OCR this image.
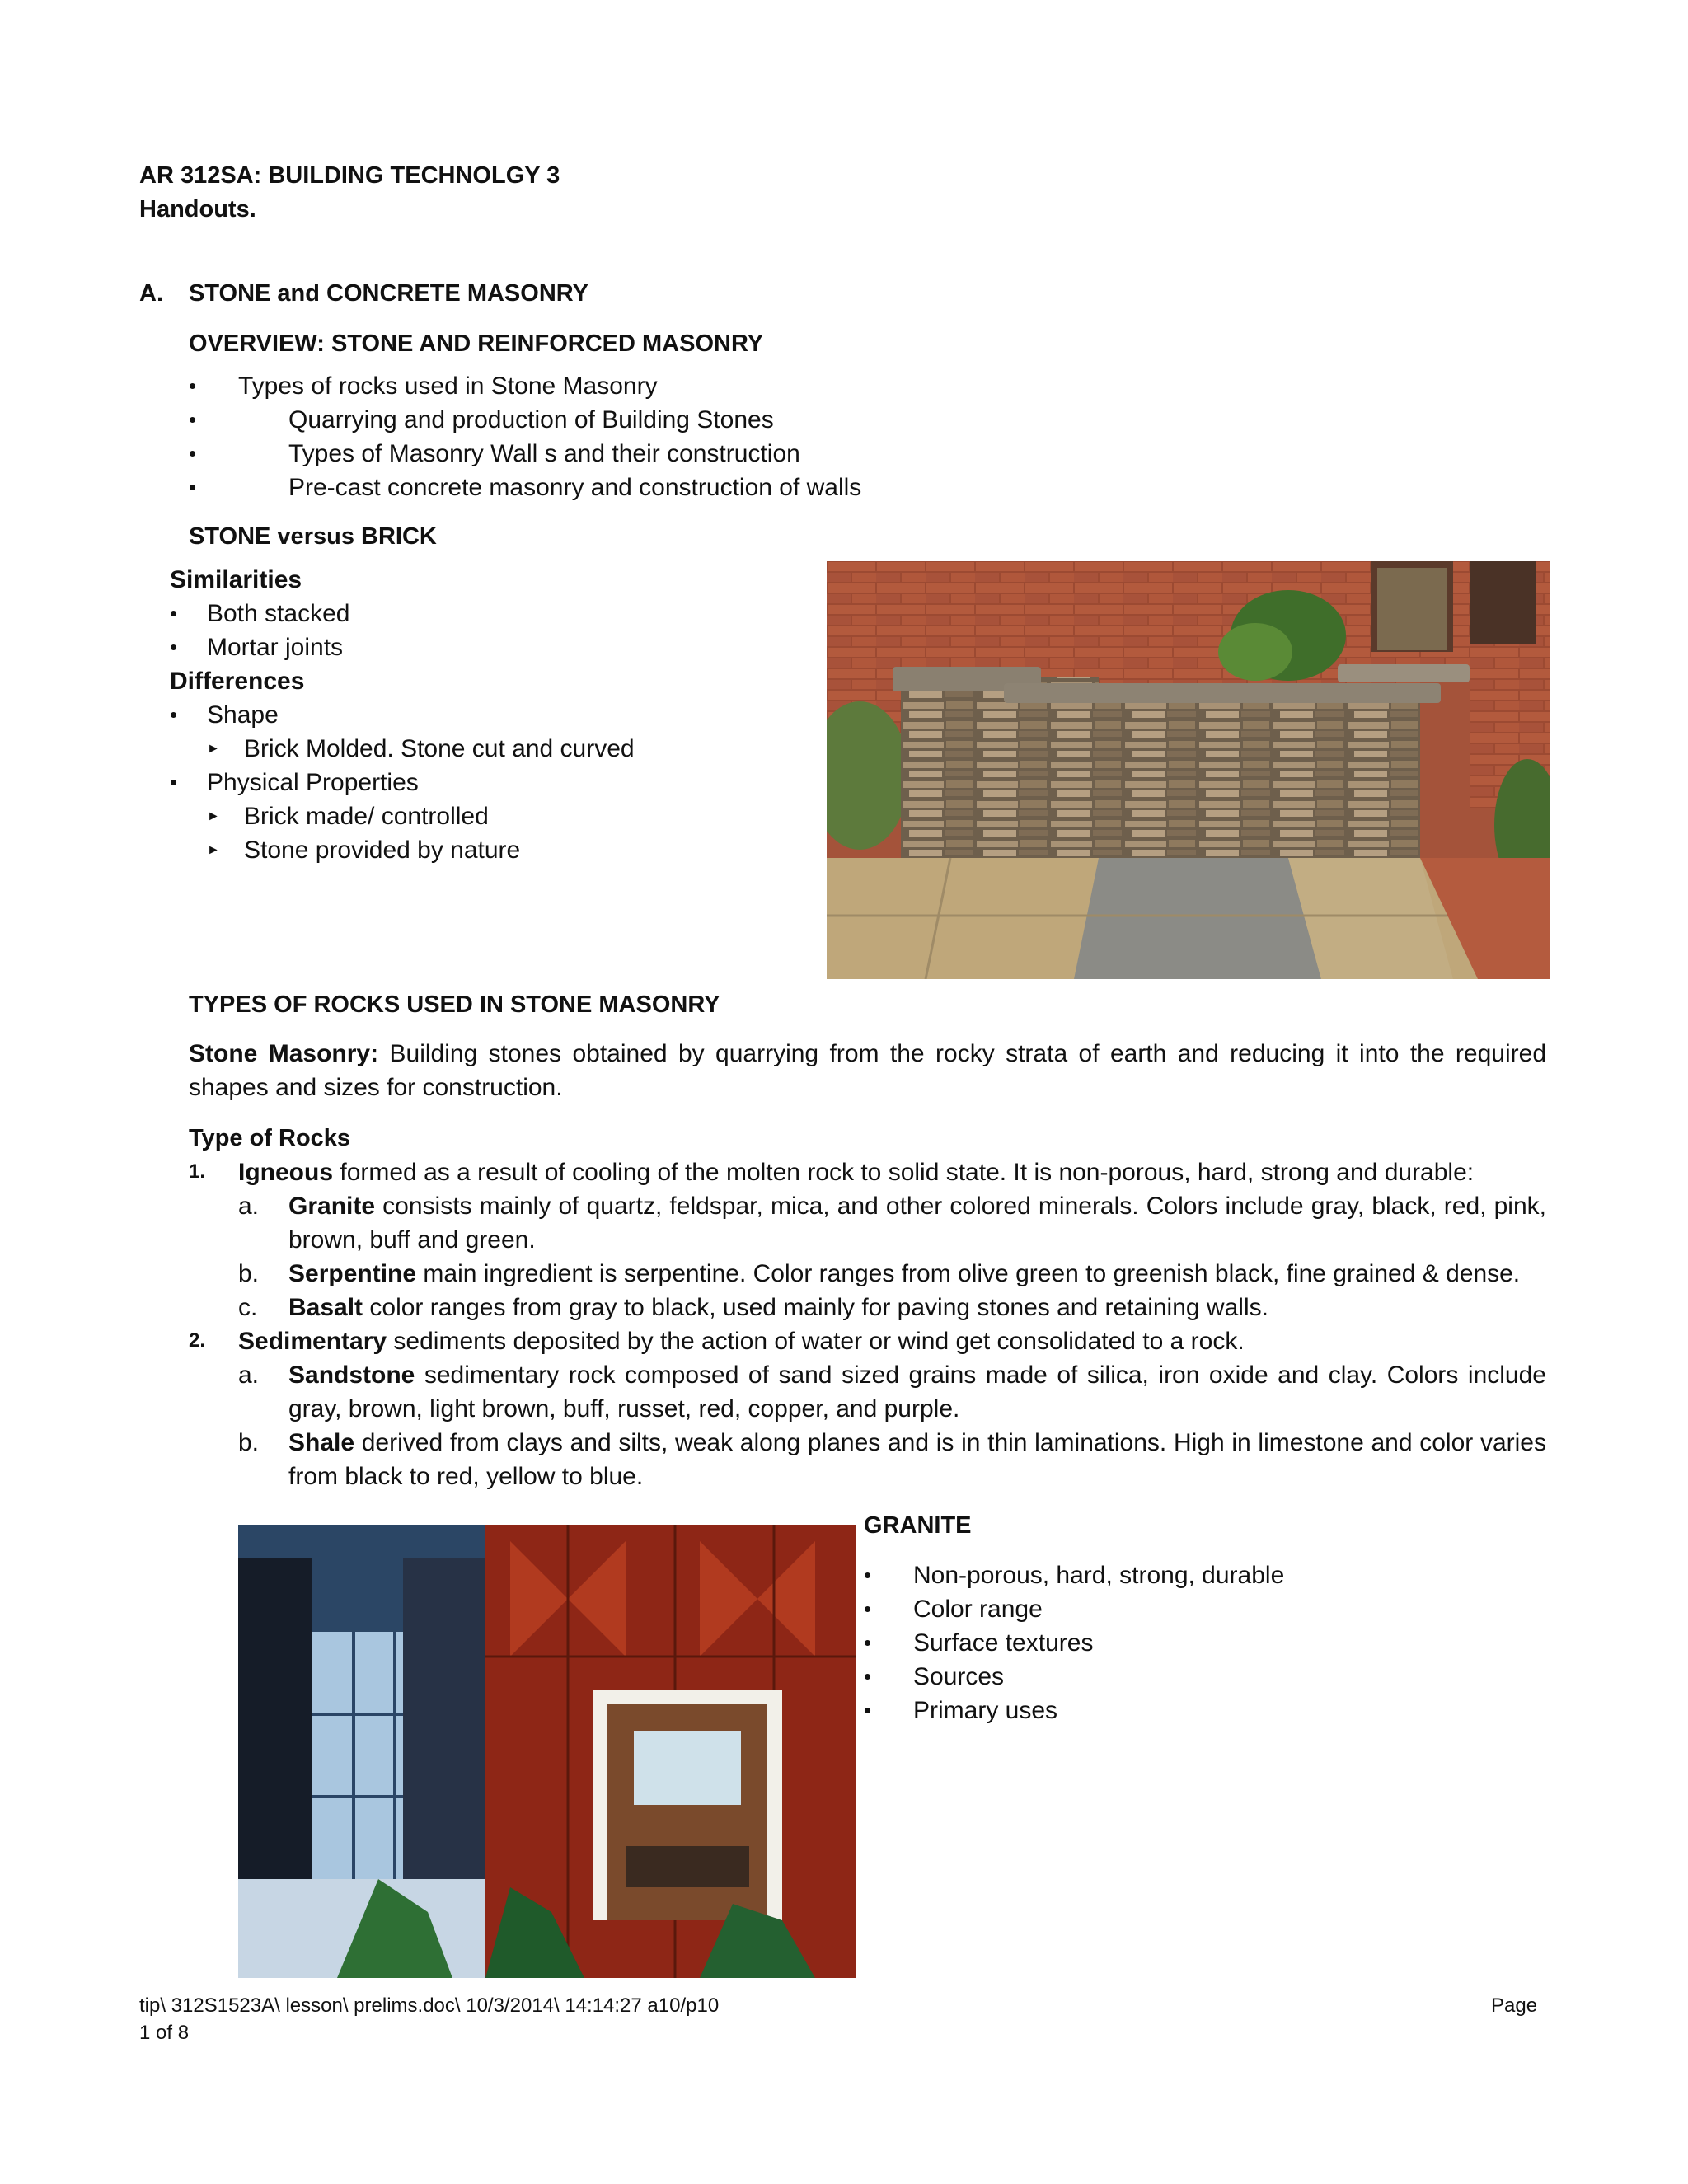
AR 312SA: BUILDING TECHNOLGY 3
Handouts.
A. STONE and CONCRETE MASONRY
OVERVIEW: STONE AND REINFORCED MASONRY
• Types of rocks used in Stone Masonry
•	Quarrying and production of Building Stones
•	Types of Masonry Wall s and their construction
•	Pre-cast concrete masonry and construction of walls
STONE versus BRICK
Similarities
• Both stacked
• Mortar joints
Differences
• Shape
► Brick Molded. Stone cut and curved
• Physical Properties
► Brick made/ controlled
► Stone provided by nature
TYPES OF ROCKS USED IN STONE MASONRY
Stone Masonry: Building stones obtained by quarrying from the rocky strata of earth and reducing it into the required shapes and sizes for construction.
Type of Rocks
1. Igneous formed as a result of cooling of the molten rock to solid state. It is non-porous, hard, strong and durable:
a. Granite consists mainly of quartz, feldspar, mica, and other colored minerals. Colors include gray, black, red, pink, brown, buff and green.
b. Serpentine main ingredient is serpentine. Color ranges from olive green to greenish black, fine grained & dense.
c. Basalt color ranges from gray to black, used mainly for paving stones and retaining walls.
2. Sedimentary sediments deposited by the action of water or wind get consolidated to a rock.
a. Sandstone sedimentary rock composed of sand sized grains made of silica, iron oxide and clay. Colors include gray, brown, light brown, buff, russet, red, copper, and purple.
b. Shale derived from clays and silts, weak along planes and is in thin laminations. High in limestone and color varies from black to red, yellow to blue.
GRANITE
• Non-porous, hard, strong, durable
• Color range
• Surface textures
• Sources
• Primary uses
tip\ 312S1523A\ lesson\ prelims.doc\ 10/3/2014\ 14:14:27 a10/p10	Page
1 of 8
